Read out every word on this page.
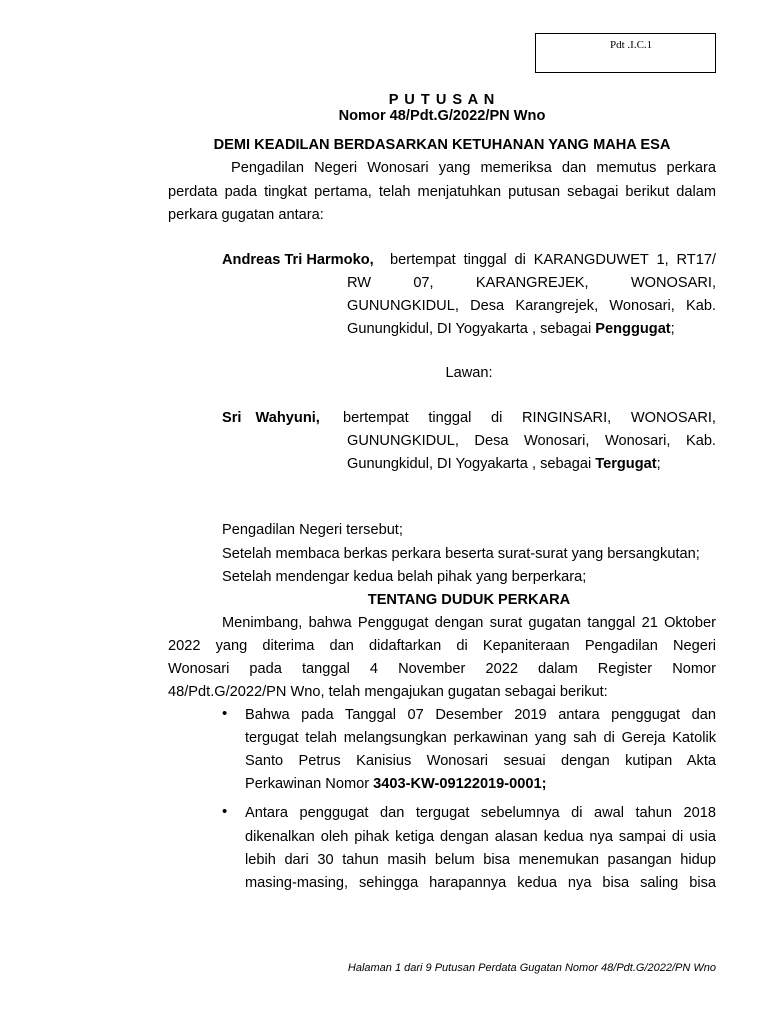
Pdt .I.C.1

P U T U S A N

Nomor 48/Pdt.G/2022/PN Wno

DEMI KEADILAN BERDASARKAN KETUHANAN YANG MAHA ESA

Pengadilan Negeri Wonosari yang memeriksa dan memutus perkara

perdata pada tingkat pertama, telah menjatuhkan putusan sebagai berikut dalam

perkara gugatan antara:

Andreas Tri Harmoko, bertempat tinggal di KARANGDUWET 1, RT17/

RW 07, KARANGREJEK, WONOSARI,

GUNUNGKIDUL, Desa Karangrejek, Wonosari, Kab.

Gunungkidul, DI Yogyakarta , sebagai Penggugat;

Lawan:

Sri Wahyuni, bertempat tinggal di RINGINSARI, WONOSARI,

GUNUNGKIDUL, Desa Wonosari, Wonosari, Kab.

Gunungkidul, DI Yogyakarta , sebagai Tergugat;

Pengadilan Negeri tersebut;

Setelah membaca berkas perkara beserta surat-surat yang bersangkutan;

Setelah mendengar kedua belah pihak yang berperkara;

TENTANG DUDUK PERKARA

Menimbang, bahwa Penggugat dengan surat gugatan tanggal 21 Oktober

2022 yang diterima dan didaftarkan di Kepaniteraan Pengadilan Negeri

Wonosari pada tanggal 4 November 2022 dalam Register Nomor

48/Pdt.G/2022/PN Wno, telah mengajukan gugatan sebagai berikut:

• Bahwa pada Tanggal 07 Desember 2019 antara penggugat dan

tergugat telah melangsungkan perkawinan yang sah di Gereja Katolik

Santo Petrus Kanisius Wonosari sesuai dengan kutipan Akta

Perkawinan Nomor 3403-KW-09122019-0001;

• Antara penggugat dan tergugat sebelumnya di awal tahun 2018

dikenalkan oleh pihak ketiga dengan alasan kedua nya sampai di usia

lebih dari 30 tahun masih belum bisa menemukan pasangan hidup

masing-masing, sehingga harapannya kedua nya bisa saling bisa

Halaman 1 dari 9 Putusan Perdata Gugatan Nomor 48/Pdt.G/2022/PN Wno
